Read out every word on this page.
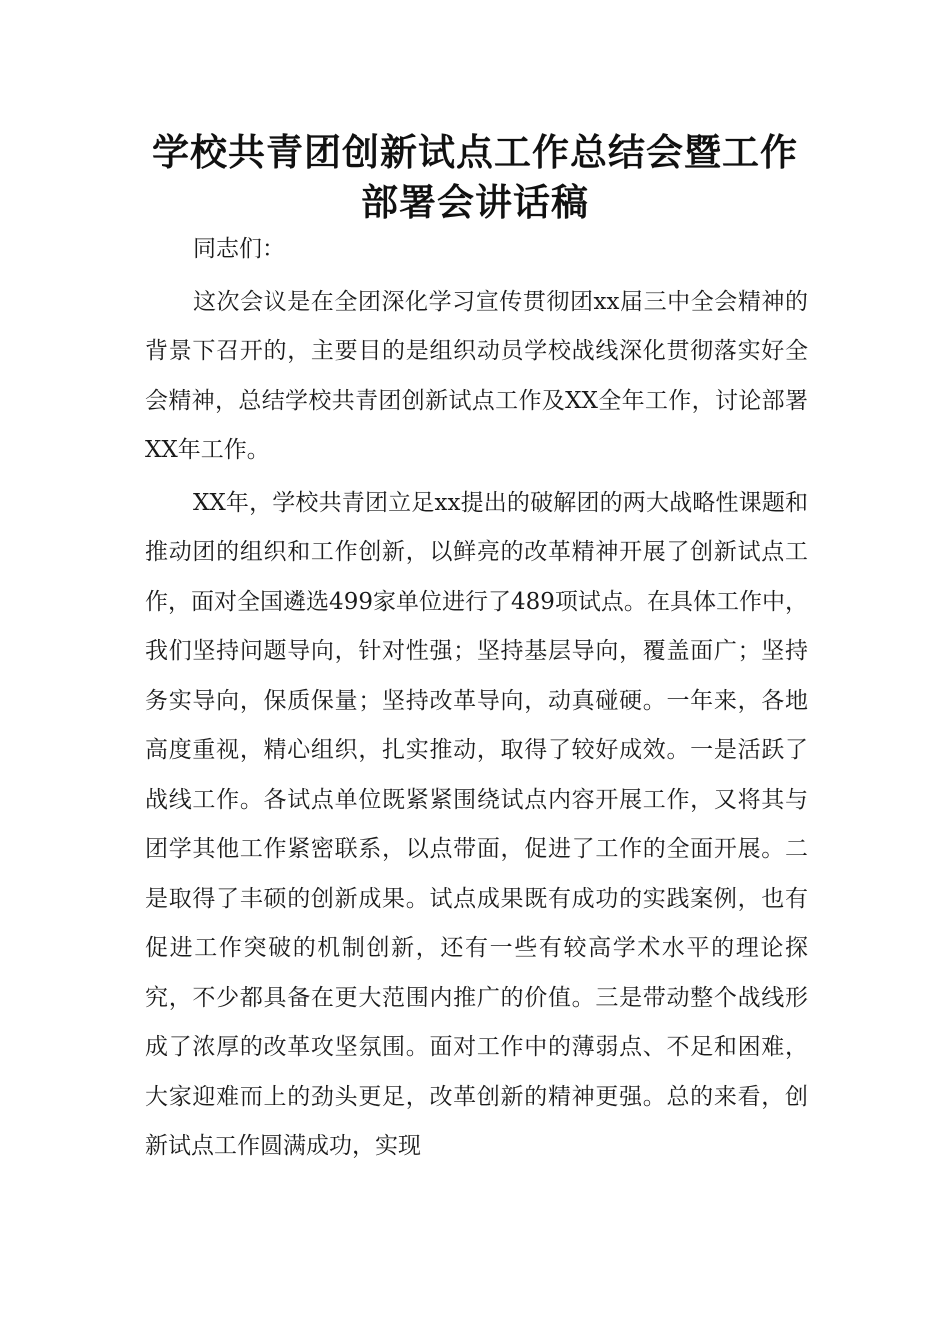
学校共青团创新试点工作总结会暨工作部署会讲话稿

同志们：

这次会议是在全团深化学习宣传贯彻团xx届三中全会精神的背景下召开的，主要目的是组织动员学校战线深化贯彻落实好全会精神，总结学校共青团创新试点工作及XX全年工作，讨论部署XX年工作。

XX年，学校共青团立足xx提出的破解团的两大战略性课题和推动团的组织和工作创新，以鲜亮的改革精神开展了创新试点工作，面对全国遴选499家单位进行了489项试点。在具体工作中，我们坚持问题导向，针对性强；坚持基层导向，覆盖面广；坚持务实导向，保质保量；坚持改革导向，动真碰硬。一年来，各地高度重视，精心组织，扎实推动，取得了较好成效。一是活跃了战线工作。各试点单位既紧紧围绕试点内容开展工作，又将其与团学其他工作紧密联系，以点带面，促进了工作的全面开展。二是取得了丰硕的创新成果。试点成果既有成功的实践案例，也有促进工作突破的机制创新，还有一些有较高学术水平的理论探究，不少都具备在更大范围内推广的价值。三是带动整个战线形成了浓厚的改革攻坚氛围。面对工作中的薄弱点、不足和困难，大家迎难而上的劲头更足，改革创新的精神更强。总的来看，创新试点工作圆满成功，实现
